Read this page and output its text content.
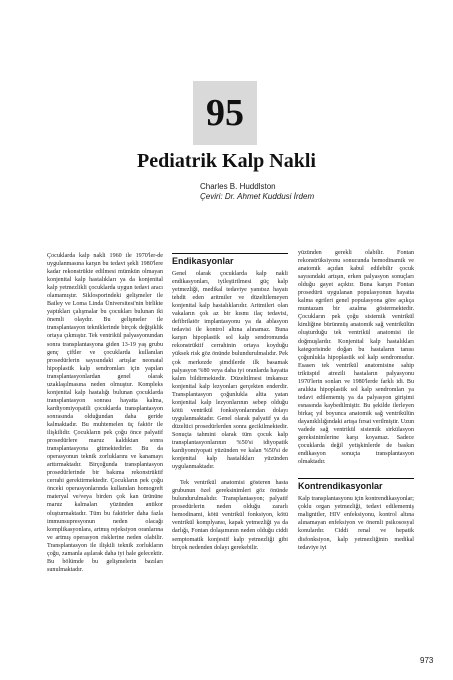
95
Pediatrik Kalp Nakli
Charles B. Huddlston
Çeviri: Dr. Ahmet Kuddusi İrdem

Çocuklarda kalp nakli 1960 ile 1970'ler-de uygulanmasına karşın bu tedavi şekli 1980'lere kadar rekonstrükte edilmesi mümkün olmayan konjenital kalp hastalıkları ya da konjenital kalp yetmezlikli çocuklarda uygun tedavi aracı olamamıştır. Siklosporindeki gelişmeler ile Bailey ve Loma Linda Üniversitesi'nin birlikte yaptıkları çalışmalar bu çocukları bulunan iki önemli olaydır. Bu gelişmeler ile transplantasyon tekniklerinde birçok değişiklik ortaya çıkmıştır. Tek ventrikül palyasyonundan sonra transplantasyona giden 13-19 yaş grubu genç çiftler ve çocuklarda kullanılan prosedürlerin sayısındaki artışlar neonatal hipoplastik kalp sendromları için yapılan transplantasyonlardan genel olarak uzaklaşılmasına neden olmuştur. Kompleks konjenital kalp hastalığı bulunan çocuklarda transplantasyon sonrası hayatta kalma, kardiyomiyopatili çocuklarda transplantasyon sonrasında olduğundan daha geride kalmaktadır. Bu muhtemelen üç faktör ile ilişkilidir. Çocukların pek çoğu önce palyatif prosedürlere maruz kaldıktan sonra transplantasyona gitmektedirler. Bu da operasyonun teknik zorluklarını ve kanamayı arttırmaktadır. Birçoğunda transplantasyon prosedürlerinde bir bakıma rekonstrüktif cerrahi gerektirmektedir. Çocukların pek çoğu önceki operasyonlarında kullanılan homogreft materyal ve/veya birden çok kan ürününe maruz kalmaları yüzünden antikor oluşturmaktadır. Tüm bu faktörler daha fazla immunsupresyonun neden olacağı komplikasyonlara, artmış rejeksiyon oranlarına ve artmış operasyon risklerine neden olabilir. Transplantasyon ile ilişkili teknik zorlukların çoğu, zamanla aşılarak daha iyi hale gelecektir. Bu bölümde bu gelişmelerin bazıları sunulmaktadır.

Endikasyonlar

Genel olarak çocuklarda kalp nakli endikasyonları, iyileştirilmesi güç kalp yetmezliği, medikal tedaviye yanıtsız hayatı tehdit eden aritmiler ve düzeltilemeyen konjenital kalp hastalıklarıdır. Aritmileri olan vakaların çok az bir kısmı ilaç tedavisi, defibrilatör implantasyonu ya da ablasyon tedavisi ile kontrol altına alınamaz. Buna karşın hipoplastik sol kalp sendromunda rekonstrüktif cerrahinin ortaya koyduğu yüksek risk göz önünde bulundurulmalıdır. Pek çok merkezde şimdilerde ilk basamak palyasyon %80 veya daha iyi oranlarda hayatta kalım bildirmektedir. Düzeltilmesi imkansız konjenital kalp lezyonları gerçekten enderdir. Transplantasyon çoğunlukla altta yatan konjenital kalp lezyonlarının sebep olduğu kötü ventrikül fonksiyonlarından dolayı uygulanmaktadır. Genel olarak palyatif ya da düzeltici prosedürlerden sonra gecikilmektedir. Sonuçta tahmini olarak tüm çocuk kalp transplantasyonlarının %50'si idiyopatik kardiyomiyopati yüzünden ve kalan %50'si de konjenital kalp hastalıkları yüzünden uygulanmaktadır.

Tek ventrikül anatomisi gösteren hasta grubunun özel gereksinimleri göz önünde bulundurulmalıdır. Transplantasyon; palyatif prosedürlerin neden olduğu zararlı hemodinami, kötü ventrikül fonksiyon, kötü ventrikül komplyansı, kapak yetmezliği ya da darlığı, Fontan dolaşımının neden olduğu ciddi semptomatik konjestif kalp yetmezliği gibi birçok nedenden dolayı gerekebilir.

yüzünden gerekli olabilir. Fontan rekonstrüksiyonu sonucunda hemodinamik ve anatomik açıdan kabul edilebilir çocuk sayısındaki artışın, erken palyasyon sonuçları olduğu gayet açıktır. Buna karşın Fontan prosedürü uygulanan populasyonun hayatta kalma egrileri genel populasyona göre açıkça muntazam bir azalma göstermektedir. Çocukların pek çoğu sistemik ventrikül kimliğine bürünmüş anatomik sağ ventrikülün oluşturduğu tek ventrikül anatomisi ile doğmuşlardır. Konjenital kalp hastalıkları kategorisinde doğan bu hastaların tanısı çoğunlukla hipoplastik sol kalp sendromudur. Esasen tek ventrikül anatomisine sahip triküspid atrezili hastaların palyasyonu 1970'lerin sonları ve 1980'lerde farklı idi. Bu aralıkta hipoplastik sol kalp sendromları ya tedavi edilememiş ya da palyasyon girişimi esnasında kaybedilmiştir. Bu şekilde ilerleyen birkaç yıl boyunca anatomik sağ ventrikülün dayanıklılığındaki artışa fırsat verilmiştir. Uzun vadede sağ ventrikül sistemik sirkülasyon gereksinimlerine karşı koyamaz. Sadece çocuklarda değil yetişkinlerde de baskın endikasyon sonuçta transplantasyon olmaktadır.

Kontrendikasyonlar

Kalp transplantasyonu için kontrendikasyonlar; çoklu organ yetmezliği, tedavi edilememiş malignitler, HIV enfeksiyonu, kontrol altına alınamayan enfeksiyon ve önemli psikososyal konulardır. Ciddi renal ve hepatik disfonksiyon, kalp yetmezliğinin medikal tedaviye iyi

973
